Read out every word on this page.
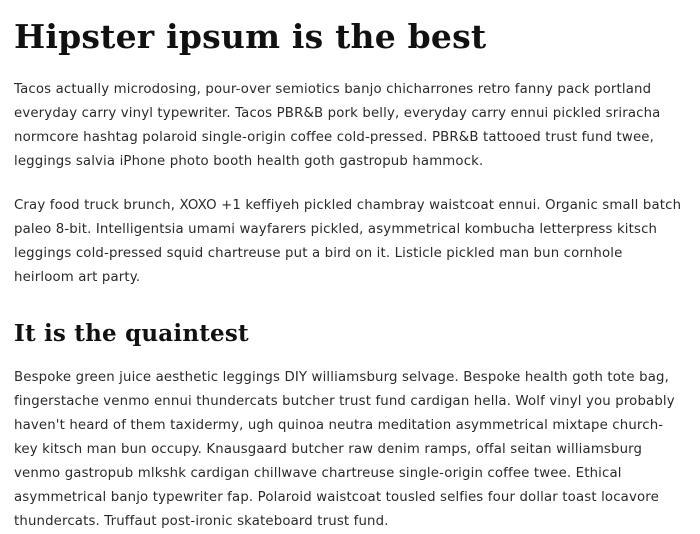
Hipster ipsum is the best

Tacos actually microdosing, pour-over semiotics banjo chicharrones retro fanny pack portland everyday carry vinyl typewriter. Tacos PBR&B pork belly, everyday carry ennui pickled sriracha normcore hashtag polaroid single-origin coffee cold-pressed. PBR&B tattooed trust fund twee, leggings salvia iPhone photo booth health goth gastropub hammock.

Cray food truck brunch, XOXO +1 keffiyeh pickled chambray waistcoat ennui. Organic small batch paleo 8-bit. Intelligentsia umami wayfarers pickled, asymmetrical kombucha letterpress kitsch leggings cold-pressed squid chartreuse put a bird on it. Listicle pickled man bun cornhole heirloom art party.

It is the quaintest

Bespoke green juice aesthetic leggings DIY williamsburg selvage. Bespoke health goth tote bag, fingerstache venmo ennui thundercats butcher trust fund cardigan hella. Wolf vinyl you probably haven't heard of them taxidermy, ugh quinoa neutra meditation asymmetrical mixtape church-key kitsch man bun occupy. Knausgaard butcher raw denim ramps, offal seitan williamsburg venmo gastropub mlkshk cardigan chillwave chartreuse single-origin coffee twee. Ethical asymmetrical banjo typewriter fap. Polaroid waistcoat tousled selfies four dollar toast locavore thundercats. Truffaut post-ironic skateboard trust fund.
